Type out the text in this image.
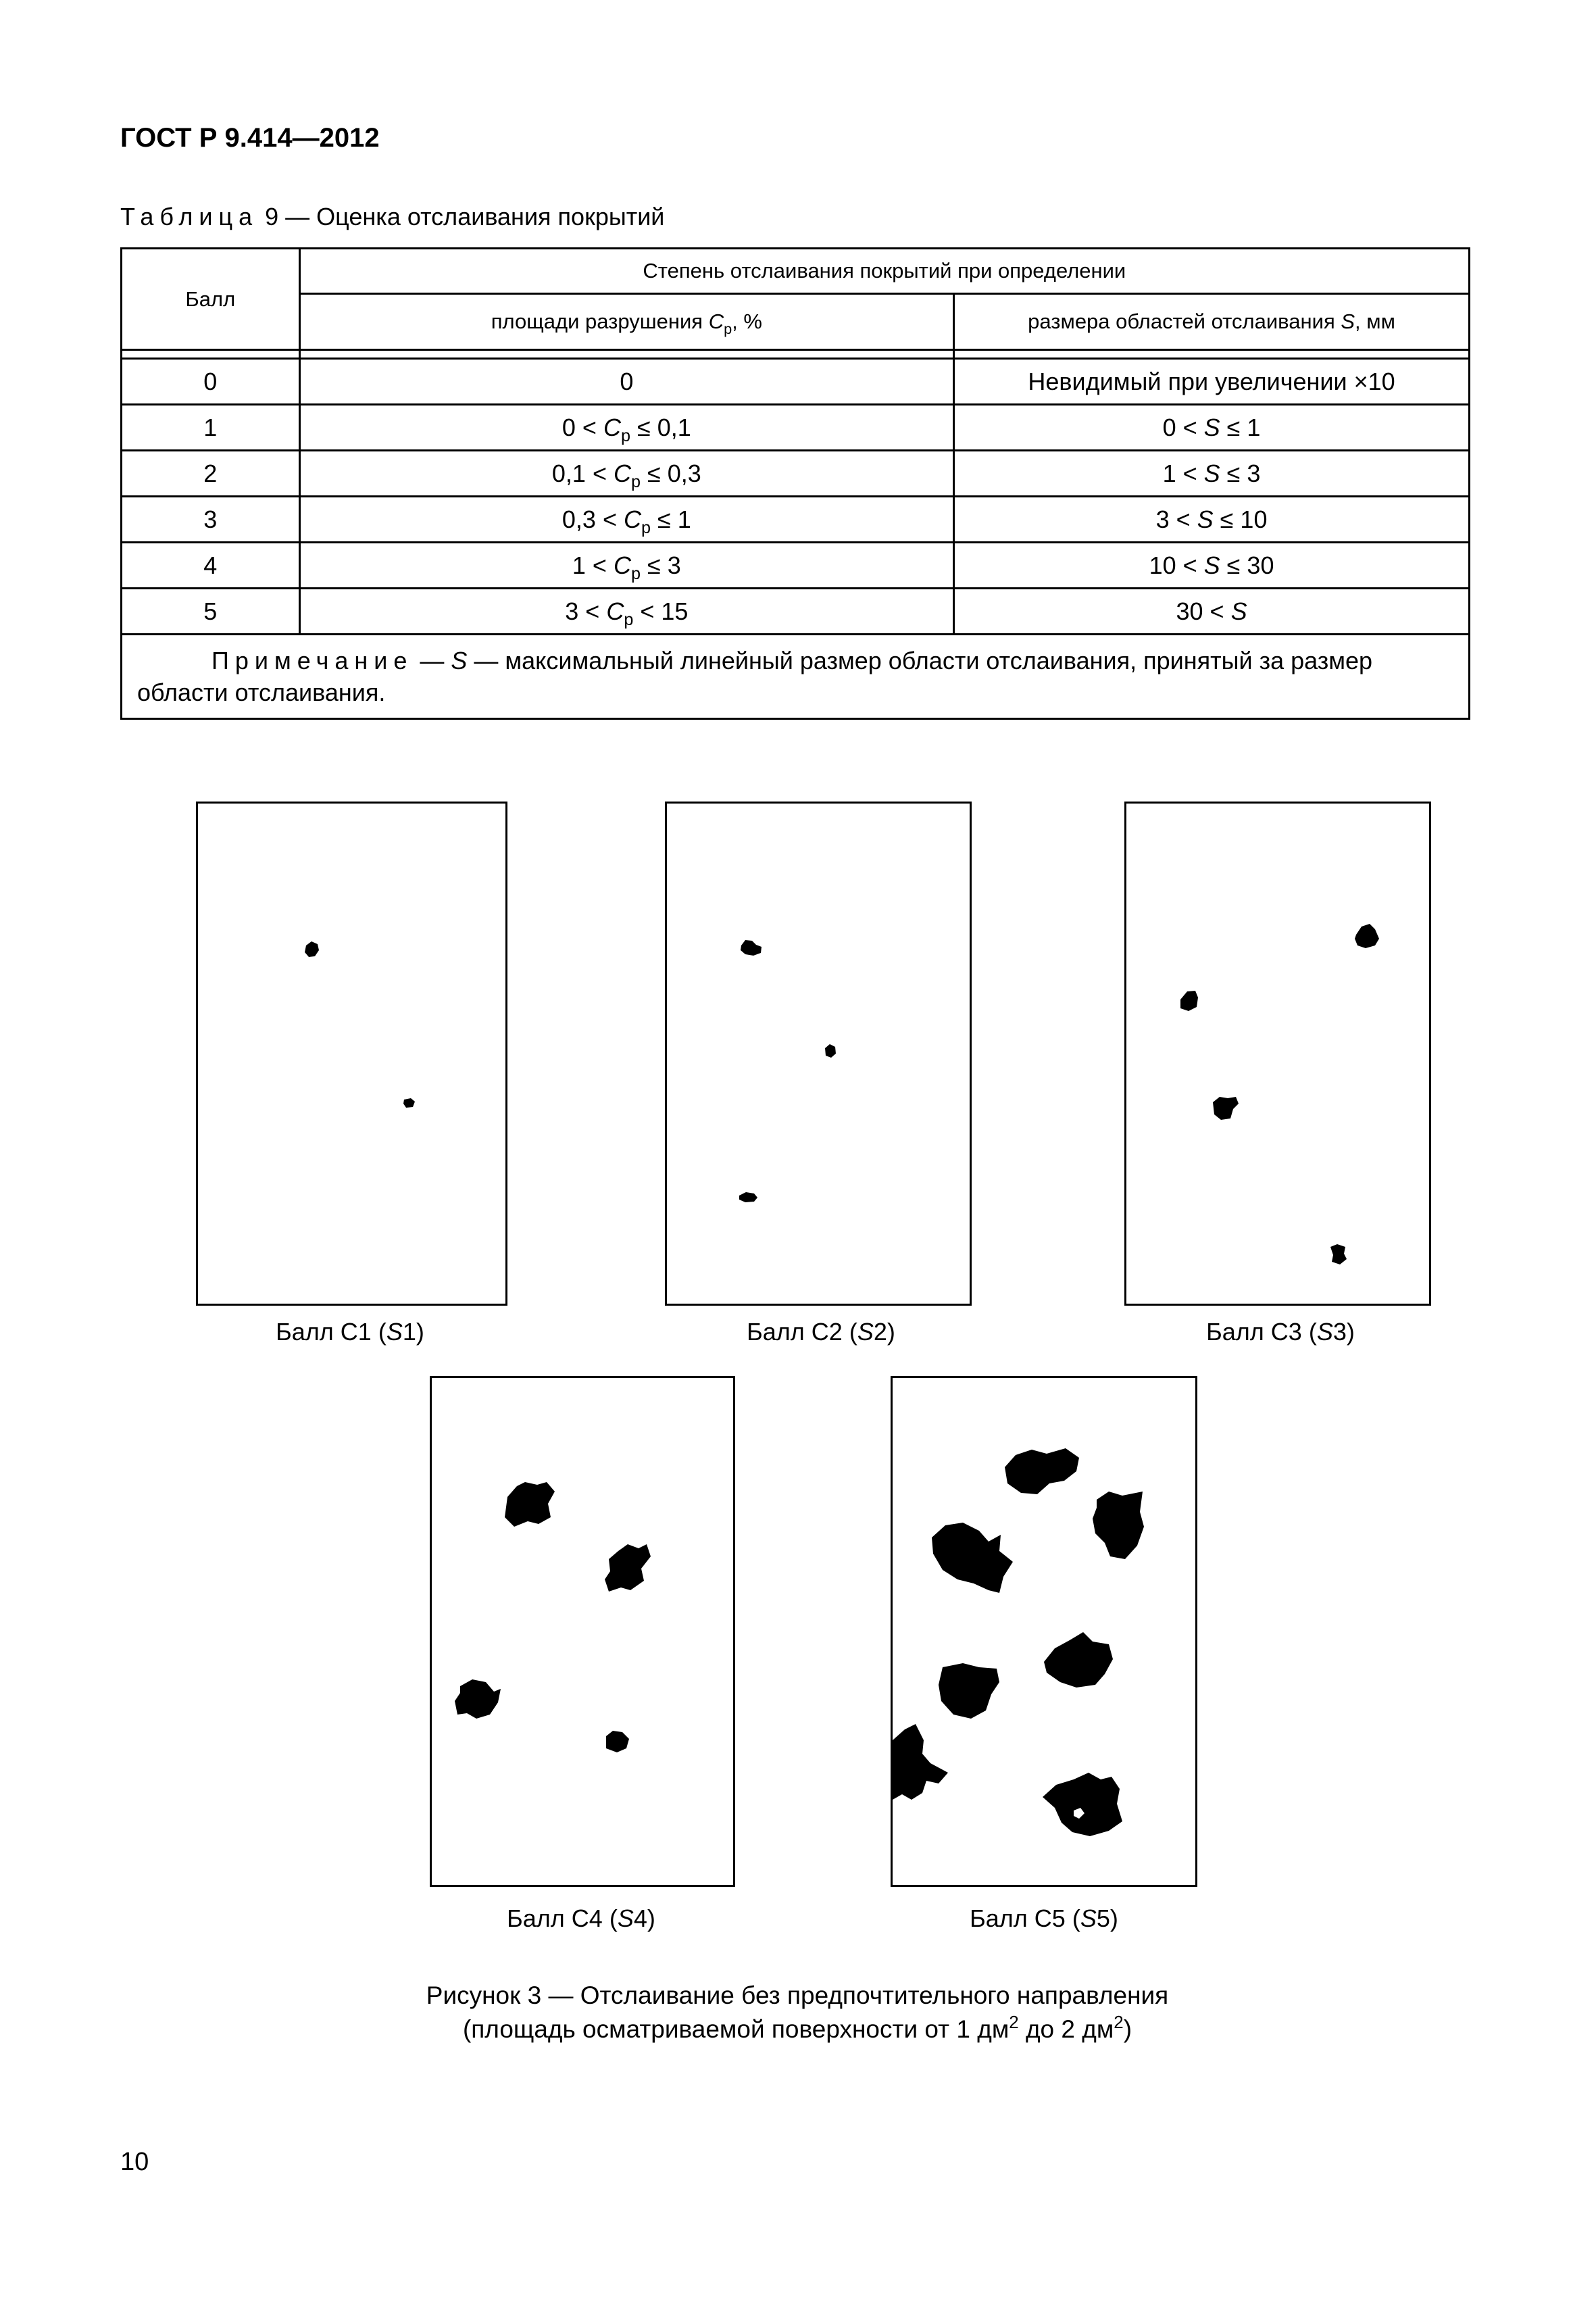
ГОСТ Р 9.414—2012
Таблица 9 — Оценка отслаивания покрытий
Балл	Степень отслаивания покрытий при определении	
	площади разрушения $C_р$, %	размера областей отслаивания S, мм

0	0	Невидимый при увеличении ×10
1	$0 < C_р \le 0,1$	0 < S ≤ 1
2	$0,1 < C_р \le 0,3$	1 < S ≤ 3
3	$0,3 < C_р \le 1$	3 < S ≤ 10
4	$1 < C_р \le 3$	10 < S ≤ 30
5	$3 < C_р < 15$	30 < S
Примечание — S — максимальный линейный размер области отслаивания, принятый за размер области отслаивания.		
Балл С1 (S1)	Балл С2 (S2)	Балл С3 (S3)
Балл С4 (S4)	Балл С5 (S5)
Рисунок 3 — Отслаивание без предпочтительного направления
(площадь осматриваемой поверхности от 1 $дм^2$ до 2 $дм^2$)
10
